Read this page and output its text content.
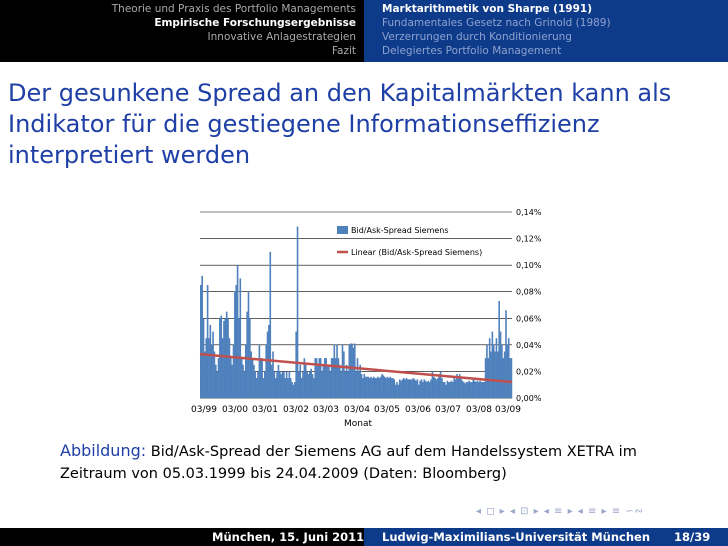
Theorie und Praxis des Portfolio Managements
Empirische Forschungsergebnisse
Innovative Anlagestrategien
Fazit
Marktarithmetik von Sharpe (1991)
Fundamentales Gesetz nach Grinold (1989)
Verzerrungen durch Konditionierung
Delegiertes Portfolio Management
Der gesunkene Spread an den Kapitalmärkten kann als Indikator für die gestiegene Informationseffizienz interpretiert werden
0,00%
0,02%
0,04%
0,06%
0,08%
0,10%
0,12%
0,14%
03/99 03/00 03/01 03/02 03/03 03/04 03/05 03/06 03/07 03/08 03/09
Monat
Bid/Ask-Spread Siemens
Linear (Bid/Ask-Spread Siemens)
Abbildung: Bid/Ask-Spread der Siemens AG auf dem Handelssystem XETRA im Zeitraum von 05.03.1999 bis 24.04.2009 (Daten: Bloomberg)
◂ ◻ ▸ ◂ ⊡ ▸ ◂ ≡ ▸ ◂ ≡ ▸ ≡ ∽∾
München, 15. Juni 2011 Ludwig-Maximilians-Universität München 18/39
